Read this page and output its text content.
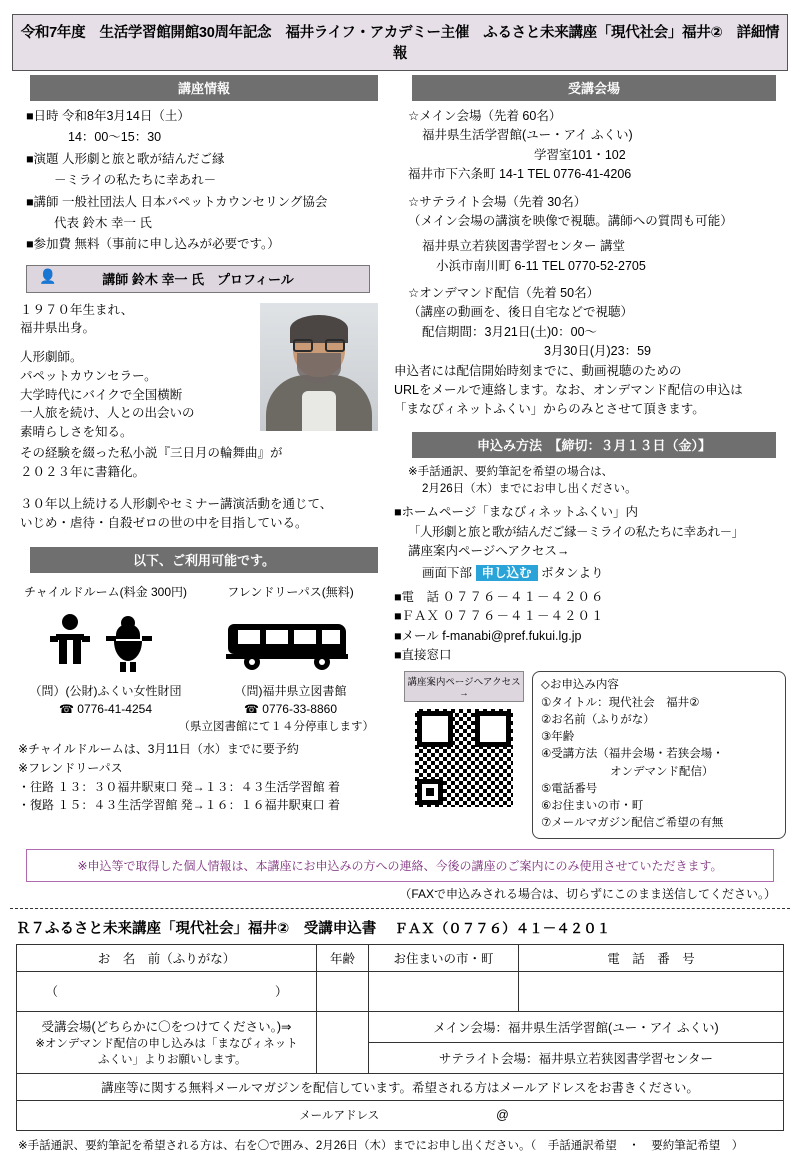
令和7年度　生活学習館開館30周年記念　福井ライフ・アカデミー主催　ふるさと未来講座「現代社会」福井②　詳細情報
講座情報
■日時 令和8年3月14日（土）
14：00～15：30
■演題 人形劇と旅と歌が結んだご縁
－ミライの私たちに幸あれ－
■講師 一般社団法人 日本パペットカウンセリング協会
代表 鈴木 幸一 氏
■参加費 無料（事前に申し込みが必要です。）
👤	講師 鈴木 幸一 氏　プロフィール
１９７０年生まれ、
福井県出身。
人形劇師。
パペットカウンセラー。
大学時代にバイクで全国横断
一人旅を続け、人との出会いの
素晴らしさを知る。
その経験を綴った私小説『三日月の輪舞曲』が
２０２３年に書籍化。
３０年以上続ける人形劇やセミナー講演活動を通じて、
いじめ・虐待・自殺ゼロの世の中を目指している。
以下、ご利用可能です。
チャイルドルーム(料金 300円)	フレンドリーパス(無料)
（問）(公財)ふくい女性財団
☎ 0776-41-4254
（問)福井県立図書館
☎ 0776-33-8860
（県立図書館にて１４分停車します）
※チャイルドルームは、3月11日（水）までに要予約
※フレンドリーパス
・往路 １３：３０福井駅東口 発→１３：４３生活学習館 着
・復路 １５：４３生活学習館 発→１６：１６福井駅東口 着
受講会場
☆メイン会場（先着 60名）
福井県生活学習館(ユー・アイ ふくい)
学習室101・102
福井市下六条町 14-1 TEL 0776-41-4206
☆サテライト会場（先着 30名）
（メイン会場の講演を映像で視聴。講師への質問も可能）
福井県立若狭図書学習センター 講堂
小浜市南川町 6-11 TEL 0770-52-2705
☆オンデマンド配信（先着 50名）
（講座の動画を、後日自宅などで視聴）
配信期間：3月21日(土)0：00～
3月30日(月)23：59
申込者には配信開始時刻までに、動画視聴のための
URLをメールで連絡します。なお、オンデマンド配信の申込は
「まなびィネットふくい」からのみとさせて頂きます。
申込み方法　【締切：３月１３日（金）】
※手話通訳、要約筆記を希望の場合は、
2月26日（木）までにお申し出ください。
■ホームページ「まなびィネットふくい」内
「人形劇と旅と歌が結んだご縁－ミライの私たちに幸あれ－」
講座案内ページへアクセス→
画面下部 申し込む ボタンより
■電　話 ０７７６－４１－４２０６
■ＦＡＸ ０７７６－４１－４２０１
■メール f-manabi@pref.fukui.lg.jp
■直接窓口
講座案内ページへアクセス→
◇お申込み内容
①タイトル：現代社会　福井②
②お名前（ふりがな）
③年齢
④受講方法（福井会場・若狭会場・
　　　　　　オンデマンド配信）
⑤電話番号
⑥お住まいの市・町
⑦メールマガジン配信ご希望の有無
※申込等で取得した個人情報は、本講座にお申込みの方への連絡、今後の講座のご案内にのみ使用させていただきます。
（FAXで申込みされる場合は、切らずにこのまま送信してください。）
Ｒ７ふるさと未来講座「現代社会」福井②　受講申込書 ＦＡＸ（０７７６）４１－４２０１
お　名　前（ふりがな）	年齢	お住まいの市・町	電　話　番　号
（ ）			

受講会場(どちらかに〇をつけてください。)⇒
※オンデマンド配信の申し込みは「まなびィネット
　ふくい」よりお願いします。		メイン会場：福井県生活学習館(ユー・アイ ふくい)	
		サテライト会場：福井県立若狭図書学習センター	
講座等に関する無料メールマガジンを配信しています。希望される方はメールアドレスをお書きください。			
メールアドレス @			
※手話通訳、要約筆記を希望される方は、右を〇で囲み、2月26日（木）までにお申し出ください。（　手話通訳希望　・　要約筆記希望　）
